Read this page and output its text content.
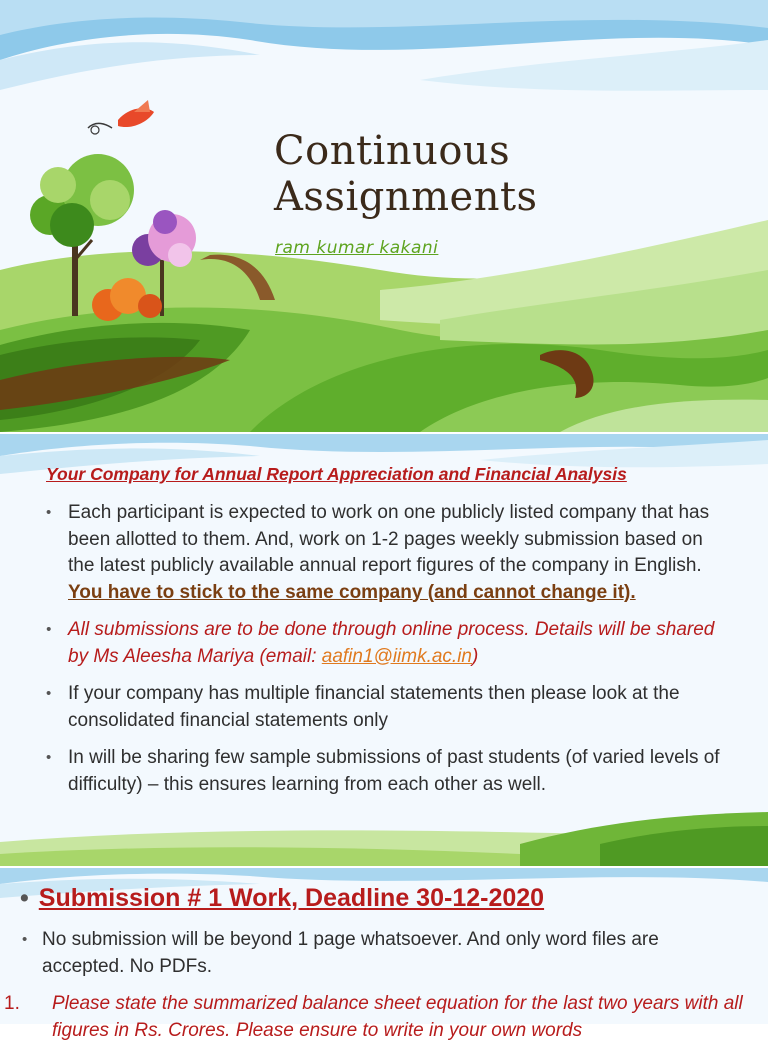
Continuous
Assignments
ram kumar kakani
Your Company for Annual Report Appreciation and Financial Analysis
• Each participant is expected to work on one publicly listed company that has been allotted to them. And, work on 1-2 pages weekly submission based on the latest publicly available annual report figures of the company in English. You have to stick to the same company (and cannot change it).
• All submissions are to be done through online process. Details will be shared by Ms Aleesha Mariya (email: aafin1@iimk.ac.in)
• If your company has multiple financial statements then please look at the consolidated financial statements only
• In will be sharing few sample submissions of past students (of varied levels of difficulty) – this ensures learning from each other as well.
• Submission # 1 Work, Deadline 30-12-2020
• No submission will be beyond 1 page whatsoever. And only word files are accepted. No PDFs.
1. Please state the summarized balance sheet equation for the last two years with all figures in Rs. Crores. Please ensure to write in your own words
